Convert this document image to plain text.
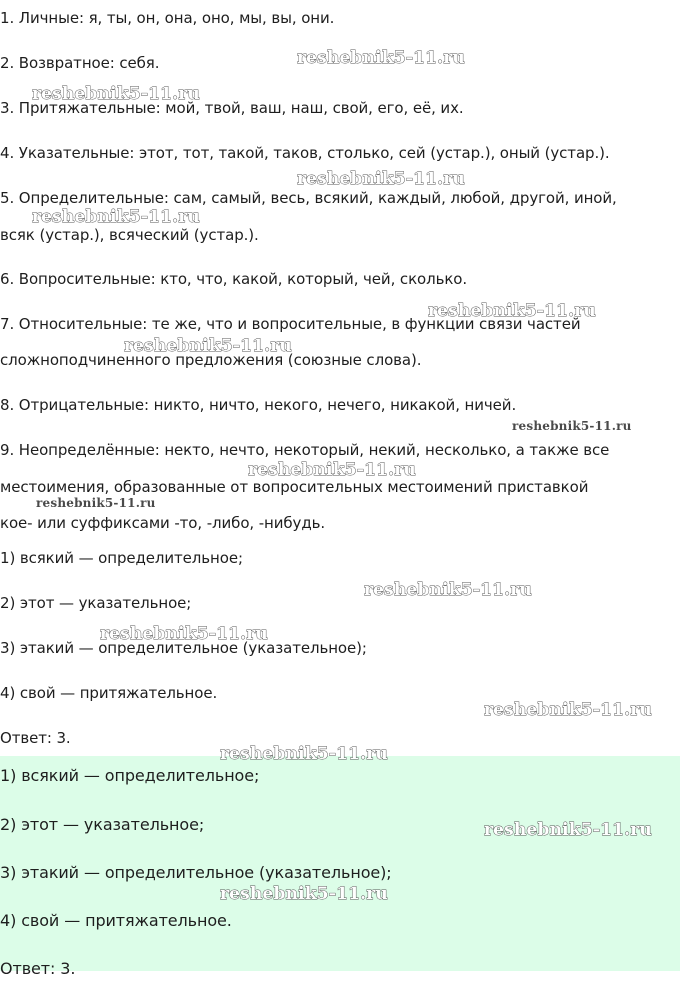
1. Личные: я, ты, он, она, оно, мы, вы, они.
2. Возвратное: себя.
3. Притяжательные: мой, твой, ваш, наш, свой, его, её, их.
4. Указательные: этот, тот, такой, таков, столько, сей (устар.), оный (устар.).
5. Определительные: сам, самый, весь, всякий, каждый, любой, другой, иной,
всяк (устар.), всяческий (устар.).
6. Вопросительные: кто, что, какой, который, чей, сколько.
7. Относительные: те же, что и вопросительные, в функции связи частей
сложноподчиненного предложения (союзные слова).
8. Отрицательные: никто, ничто, некого, нечего, никакой, ничей.
9. Неопределённые: некто, нечто, некоторый, некий, несколько, а также все
местоимения, образованные от вопросительных местоимений приставкой
кое- или суффиксами -то, -либо, -нибудь.
1) всякий — определительное;
2) этот — указательное;
3) этакий — определительное (указательное);
4) свой — притяжательное.
Ответ: 3.
1) всякий — определительное;
2) этот — указательное;
3) этакий — определительное (указательное);
4) свой — притяжательное.
Ответ: 3.
reshebnik5-11.ru
reshebnik5-11.ru
reshebnik5-11.ru
reshebnik5-11.ru
reshebnik5-11.ru
reshebnik5-11.ru
reshebnik5-11.ru
reshebnik5-11.ru
reshebnik5-11.ru
reshebnik5-11.ru
reshebnik5-11.ru
reshebnik5-11.ru
reshebnik5-11.ru
reshebnik5-11.ru
reshebnik5-11.ru
